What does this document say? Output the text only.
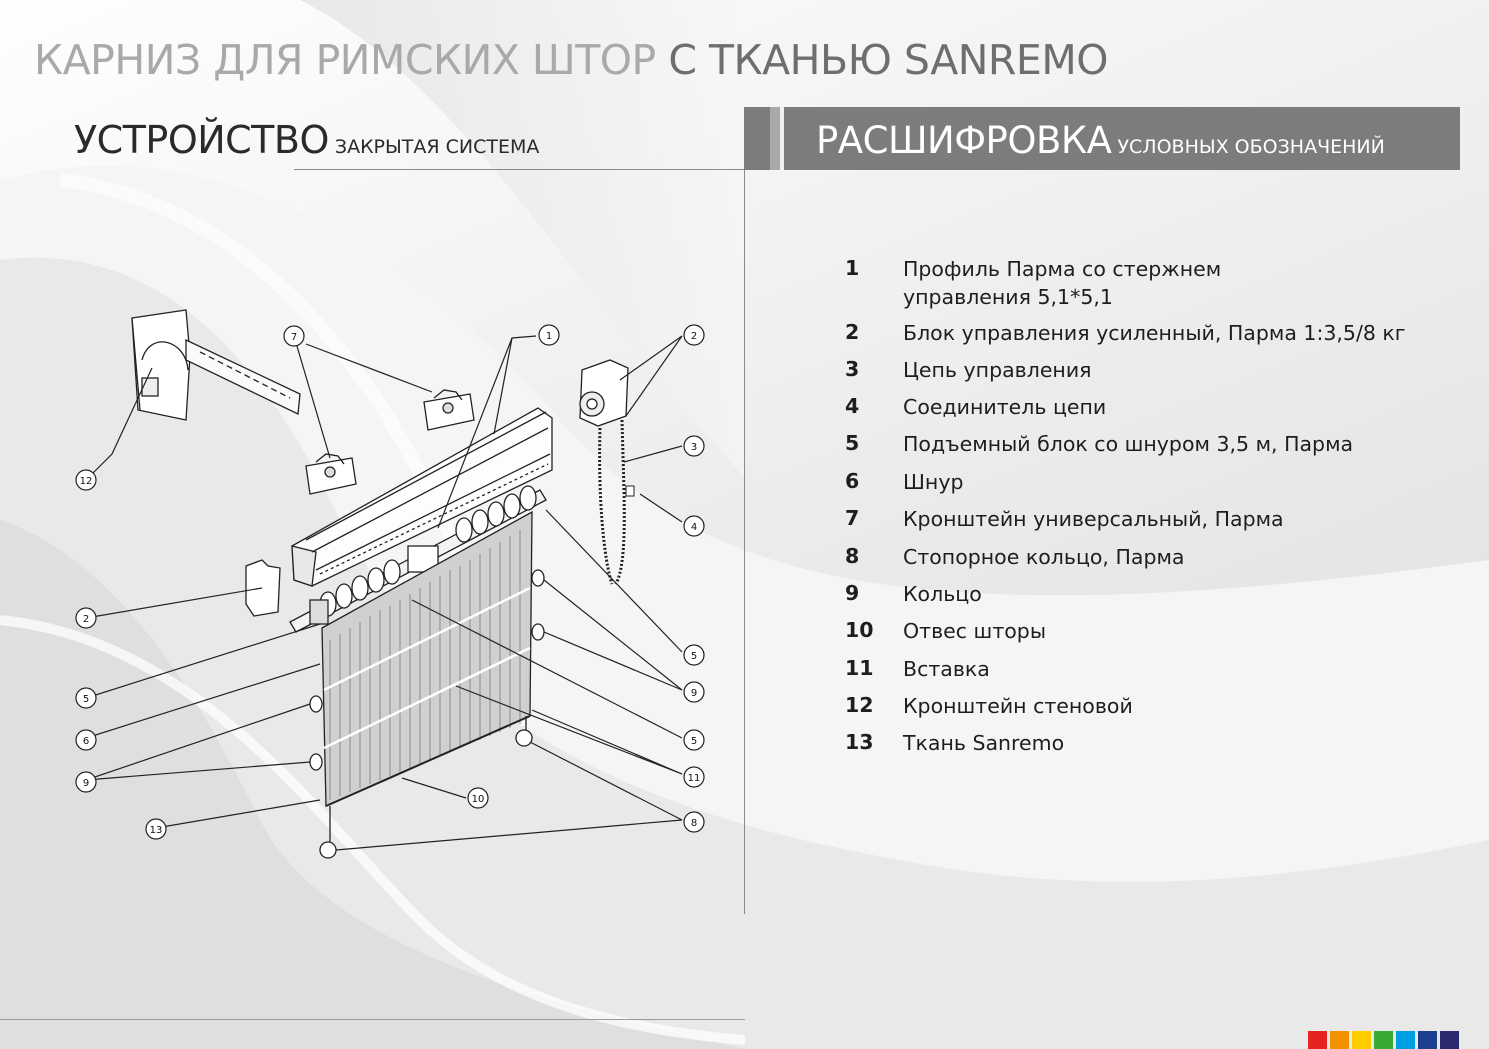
КАРНИЗ ДЛЯ РИМСКИХ ШТОР С ТКАНЬЮ SANREMO
УСТРОЙСТВО ЗАКРЫТАЯ СИСТЕМА	РАСШИФРОВКА УСЛОВНЫХ ОБОЗНАЧЕНИЙ
7	1	2
3
4
12
2
5
9
5
6	5
11
9
10
8
13
1	Профиль Парма со стержнем управления 5,1*5,1
2	Блок управления усиленный, Парма 1:3,5/8 кг
3	Цепь управления
4	Соединитель цепи
5	Подъемный блок со шнуром 3,5 м, Парма
6	Шнур
7	Кронштейн универсальный, Парма
8	Стопорное кольцо, Парма
9	Кольцо
10	Отвес шторы
11	Вставка
12	Кронштейн стеновой
13	Ткань Sanremo
